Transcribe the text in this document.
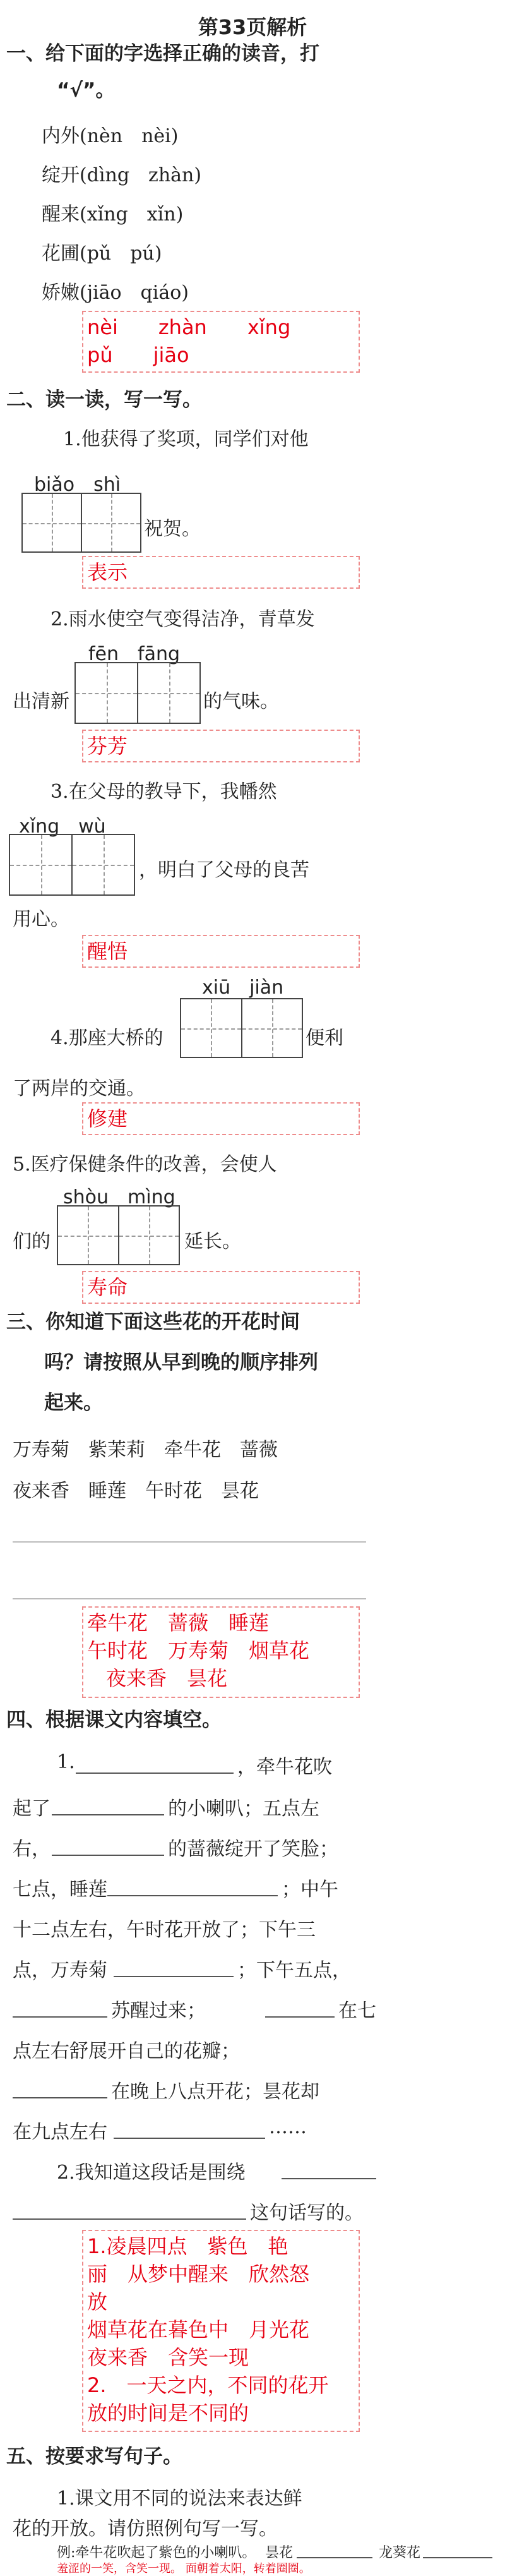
第33页解析
一、给下面的字选择正确的读音，打
“√”。
内外(nèn　nèi)
绽开(dìng　zhàn)
醒来(xǐng　xǐn)
花圃(pǔ　pú)
娇嫩(jiāo　qiáo)
nèi　　zhàn　　xǐng
pǔ　　jiāo
二、读一读，写一写。
1.他获得了奖项，同学们对他
biǎo　shì
祝贺。
表示
2.雨水使空气变得洁净，青草发
fēn　fāng
出清新	的气味。
芬芳
3.在父母的教导下，我幡然
xǐng　wù
，明白了父母的良苦
用心。
醒悟
xiū　jiàn
4.那座大桥的	便利
了两岸的交通。
修建
5.医疗保健条件的改善，会使人
shòu　mìng
们的	延长。
寿命
三、你知道下面这些花的开花时间
吗？请按照从早到晚的顺序排列
起来。
万寿菊　紫茉莉　牵牛花　蔷薇
夜来香　睡莲　午时花　昙花
牵牛花　蔷薇　睡莲
午时花　万寿菊　烟草花
夜来香　昙花
四、根据课文内容填空。
1.	，牵牛花吹
起了	的小喇叭；五点左
右，	的蔷薇绽开了笑脸；
七点，睡莲	；中午
十二点左右，午时花开放了；下午三
点，万寿菊	；下午五点，
苏醒过来；	在七
点左右舒展开自己的花瓣；
在晚上八点开花；昙花却
在九点左右	……
2.我知道这段话是围绕
这句话写的。
1.凌晨四点　紫色　艳
丽　从梦中醒来　欣然怒
放
烟草花在暮色中　月光花
夜来香　含笑一现
2.　一天之内，不同的花开
放的时间是不同的
五、按要求写句子。
1.课文用不同的说法来表达鲜
花的开放。请仿照例句写一写。
例:牵牛花吹起了紫色的小喇叭。 昙花	龙葵花
羞涩的一笑，含笑一现。 面朝着太阳，转着圈圈。
